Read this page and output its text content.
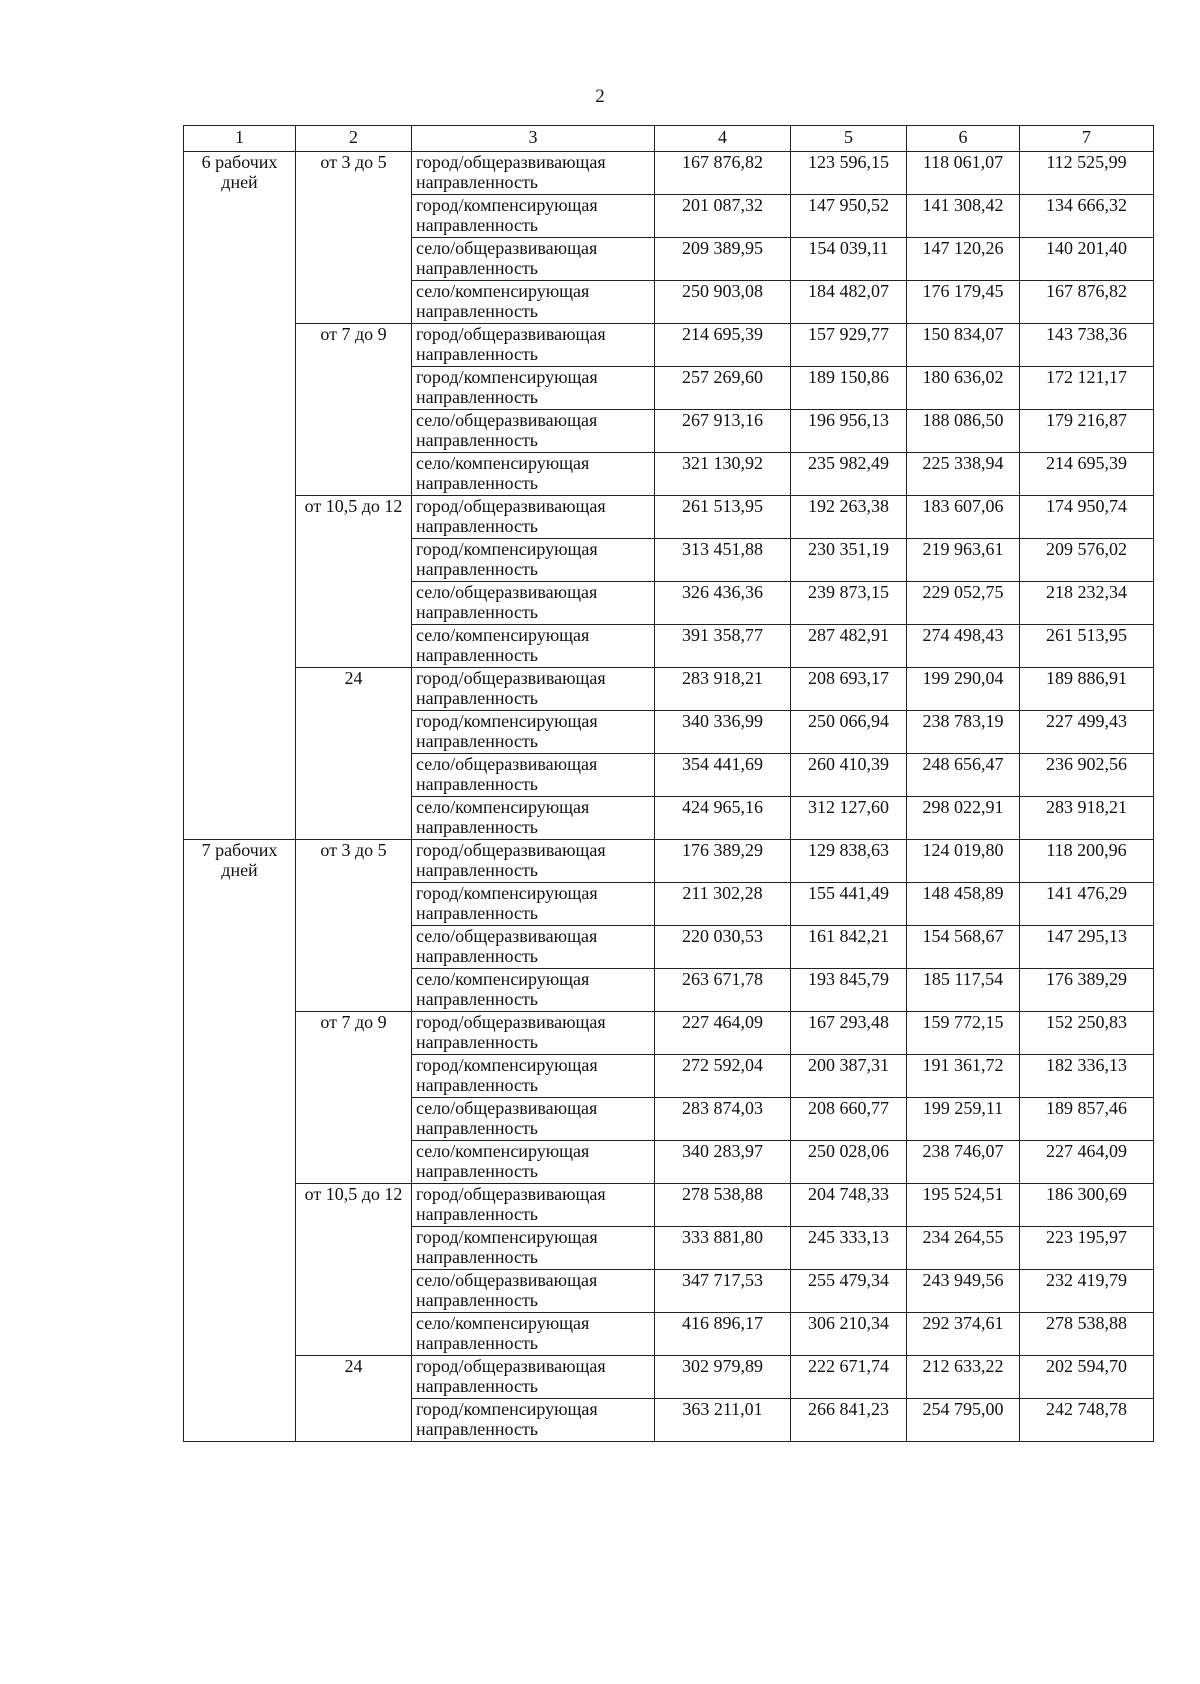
2
1	2	3	4	5	6	7
6 рабочих дней	от 3 до 5	город/общеразвивающая направленность	167 876,82	123 596,15	118 061,07	112 525,99
		город/компенсирующая направленность	201 087,32	147 950,52	141 308,42	134 666,32
		село/общеразвивающая направленность	209 389,95	154 039,11	147 120,26	140 201,40
		село/компенсирующая направленность	250 903,08	184 482,07	176 179,45	167 876,82
	от 7 до 9	город/общеразвивающая направленность	214 695,39	157 929,77	150 834,07	143 738,36
		город/компенсирующая направленность	257 269,60	189 150,86	180 636,02	172 121,17
		село/общеразвивающая направленность	267 913,16	196 956,13	188 086,50	179 216,87
		село/компенсирующая направленность	321 130,92	235 982,49	225 338,94	214 695,39
	от 10,5 до 12	город/общеразвивающая направленность	261 513,95	192 263,38	183 607,06	174 950,74
		город/компенсирующая направленность	313 451,88	230 351,19	219 963,61	209 576,02
		село/общеразвивающая направленность	326 436,36	239 873,15	229 052,75	218 232,34
		село/компенсирующая направленность	391 358,77	287 482,91	274 498,43	261 513,95
	24	город/общеразвивающая направленность	283 918,21	208 693,17	199 290,04	189 886,91
		город/компенсирующая направленность	340 336,99	250 066,94	238 783,19	227 499,43
		село/общеразвивающая направленность	354 441,69	260 410,39	248 656,47	236 902,56
		село/компенсирующая направленность	424 965,16	312 127,60	298 022,91	283 918,21
7 рабочих дней	от 3 до 5	город/общеразвивающая направленность	176 389,29	129 838,63	124 019,80	118 200,96
		город/компенсирующая направленность	211 302,28	155 441,49	148 458,89	141 476,29
		село/общеразвивающая направленность	220 030,53	161 842,21	154 568,67	147 295,13
		село/компенсирующая направленность	263 671,78	193 845,79	185 117,54	176 389,29
	от 7 до 9	город/общеразвивающая направленность	227 464,09	167 293,48	159 772,15	152 250,83
		город/компенсирующая направленность	272 592,04	200 387,31	191 361,72	182 336,13
		село/общеразвивающая направленность	283 874,03	208 660,77	199 259,11	189 857,46
		село/компенсирующая направленность	340 283,97	250 028,06	238 746,07	227 464,09
	от 10,5 до 12	город/общеразвивающая направленность	278 538,88	204 748,33	195 524,51	186 300,69
		город/компенсирующая направленность	333 881,80	245 333,13	234 264,55	223 195,97
		село/общеразвивающая направленность	347 717,53	255 479,34	243 949,56	232 419,79
		село/компенсирующая направленность	416 896,17	306 210,34	292 374,61	278 538,88
	24	город/общеразвивающая направленность	302 979,89	222 671,74	212 633,22	202 594,70
		город/компенсирующая направленность	363 211,01	266 841,23	254 795,00	242 748,78
